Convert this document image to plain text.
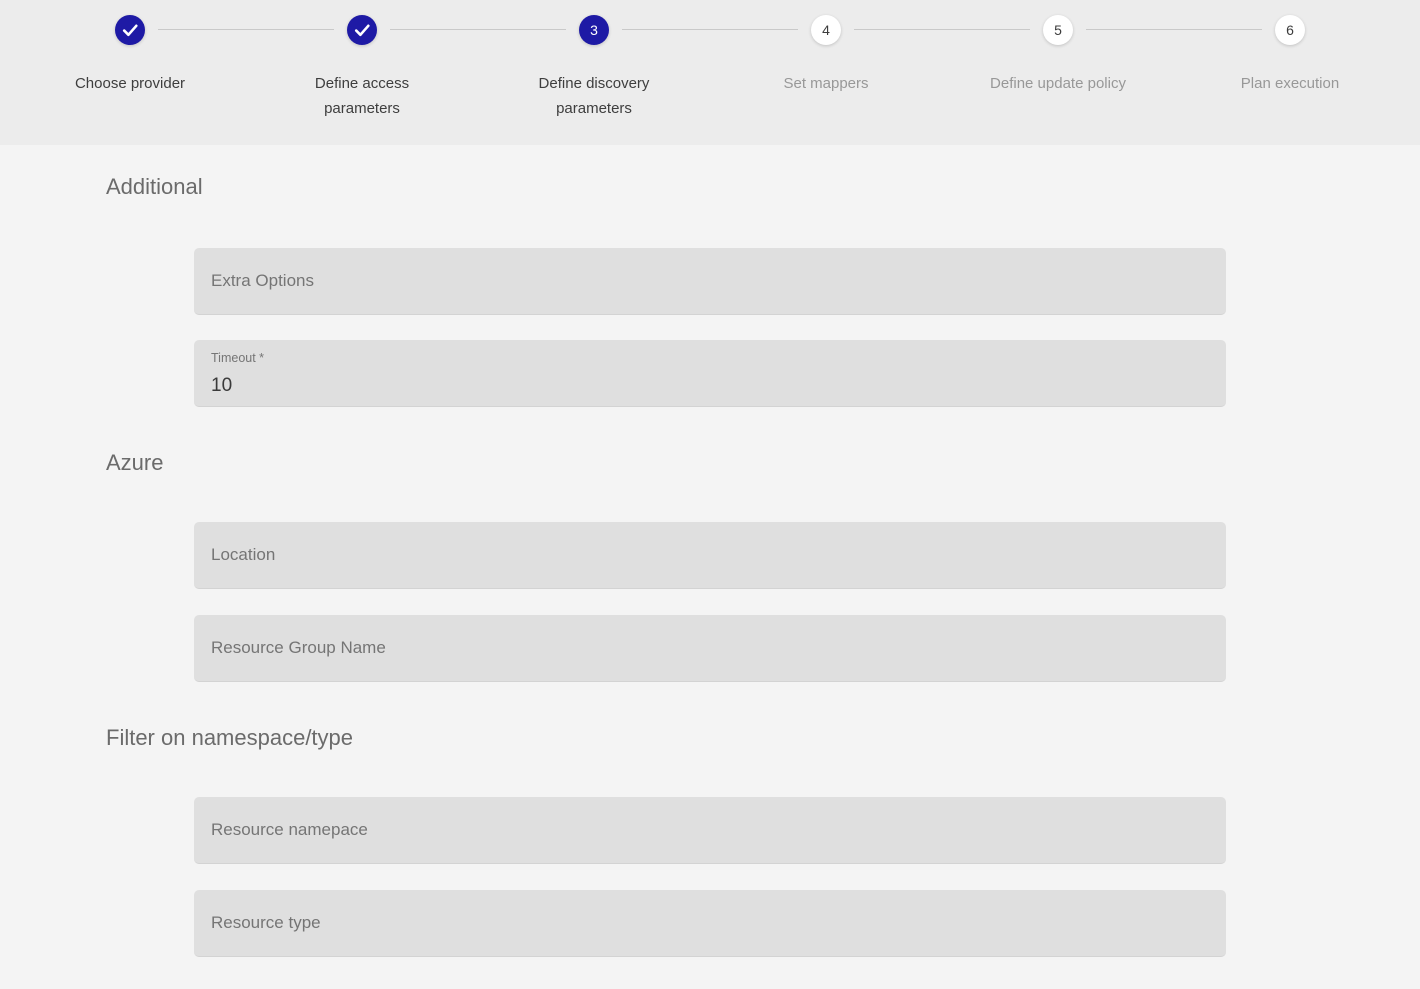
Choose provider	Define access parameters
3
Define discovery parameters
4
Set mappers
5
Define update policy
6
Plan execution
Additional
Extra Options
Timeout *
10
Azure
Location
Resource Group Name
Filter on namespace/type
Resource namepace
Resource type
